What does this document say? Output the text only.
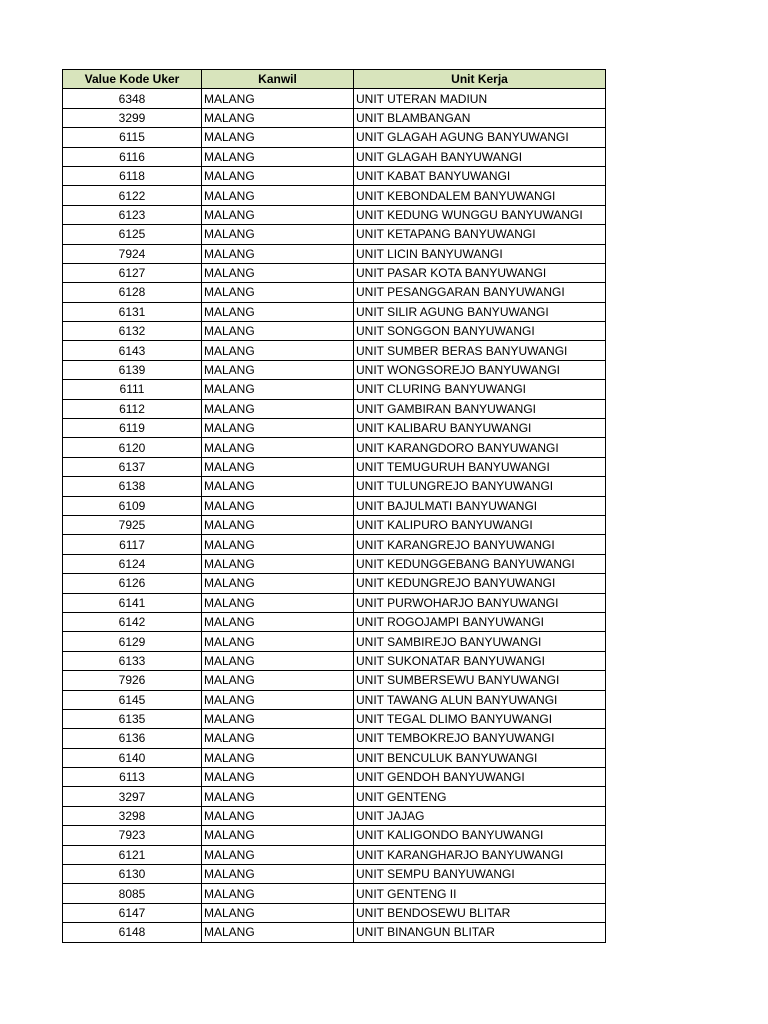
Value Kode Uker	Kanwil	Unit Kerja
6348	MALANG	UNIT UTERAN MADIUN
3299	MALANG	UNIT BLAMBANGAN
6115	MALANG	UNIT GLAGAH AGUNG BANYUWANGI
6116	MALANG	UNIT GLAGAH BANYUWANGI
6118	MALANG	UNIT KABAT BANYUWANGI
6122	MALANG	UNIT KEBONDALEM BANYUWANGI
6123	MALANG	UNIT KEDUNG WUNGGU BANYUWANGI
6125	MALANG	UNIT KETAPANG BANYUWANGI
7924	MALANG	UNIT LICIN BANYUWANGI
6127	MALANG	UNIT PASAR KOTA BANYUWANGI
6128	MALANG	UNIT PESANGGARAN BANYUWANGI
6131	MALANG	UNIT SILIR AGUNG BANYUWANGI
6132	MALANG	UNIT SONGGON BANYUWANGI
6143	MALANG	UNIT SUMBER BERAS BANYUWANGI
6139	MALANG	UNIT WONGSOREJO BANYUWANGI
6111	MALANG	UNIT CLURING BANYUWANGI
6112	MALANG	UNIT GAMBIRAN BANYUWANGI
6119	MALANG	UNIT KALIBARU BANYUWANGI
6120	MALANG	UNIT KARANGDORO BANYUWANGI
6137	MALANG	UNIT TEMUGURUH BANYUWANGI
6138	MALANG	UNIT TULUNGREJO BANYUWANGI
6109	MALANG	UNIT BAJULMATI BANYUWANGI
7925	MALANG	UNIT KALIPURO BANYUWANGI
6117	MALANG	UNIT KARANGREJO BANYUWANGI
6124	MALANG	UNIT KEDUNGGEBANG BANYUWANGI
6126	MALANG	UNIT KEDUNGREJO BANYUWANGI
6141	MALANG	UNIT PURWOHARJO BANYUWANGI
6142	MALANG	UNIT ROGOJAMPI BANYUWANGI
6129	MALANG	UNIT SAMBIREJO BANYUWANGI
6133	MALANG	UNIT SUKONATAR BANYUWANGI
7926	MALANG	UNIT SUMBERSEWU BANYUWANGI
6145	MALANG	UNIT TAWANG ALUN BANYUWANGI
6135	MALANG	UNIT TEGAL DLIMO BANYUWANGI
6136	MALANG	UNIT TEMBOKREJO BANYUWANGI
6140	MALANG	UNIT BENCULUK BANYUWANGI
6113	MALANG	UNIT GENDOH BANYUWANGI
3297	MALANG	UNIT GENTENG
3298	MALANG	UNIT JAJAG
7923	MALANG	UNIT KALIGONDO BANYUWANGI
6121	MALANG	UNIT KARANGHARJO BANYUWANGI
6130	MALANG	UNIT SEMPU BANYUWANGI
8085	MALANG	UNIT GENTENG II
6147	MALANG	UNIT BENDOSEWU BLITAR
6148	MALANG	UNIT BINANGUN BLITAR
